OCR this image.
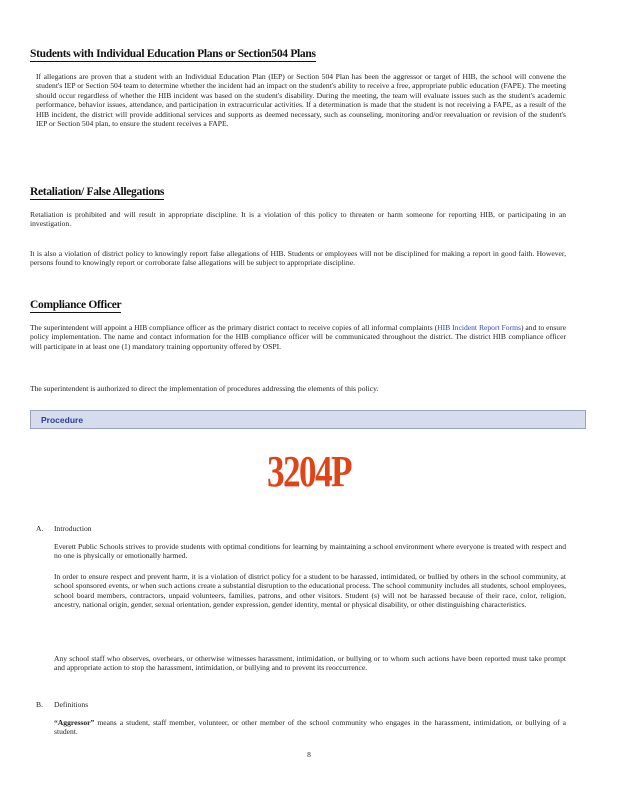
Students with Individual Education Plans or Section504 Plans

If allegations are proven that a student with an Individual Education Plan (IEP) or Section 504 Plan has been the aggressor or target of HIB, the school will convene the student's IEP or Section 504 team to determine whether the incident had an impact on the student's ability to receive a free, appropriate public education (FAPE). The meeting should occur regardless of whether the HIB incident was based on the student's disability. During the meeting, the team will evaluate issues such as the student's academic performance, behavior issues, attendance, and participation in extracurricular activities. If a determination is made that the student is not receiving a FAPE, as a result of the HIB incident, the district will provide additional services and supports as deemed necessary, such as counseling, monitoring and/or reevaluation or revision of the student's IEP or Section 504 plan, to ensure the student receives a FAPE.

Retaliation/ False Allegations

Retaliation is prohibited and will result in appropriate discipline. It is a violation of this policy to threaten or harm someone for reporting HIB, or participating in an investigation.

It is also a violation of district policy to knowingly report false allegations of HIB. Students or employees will not be disciplined for making a report in good faith. However, persons found to knowingly report or corroborate false allegations will be subject to appropriate discipline.

Compliance Officer

The superintendent will appoint a HIB compliance officer as the primary district contact to receive copies of all informal complaints (HIB Incident Report Forms) and to ensure policy implementation. The name and contact information for the HIB compliance officer will be communicated throughout the district. The district HIB compliance officer will participate in at least one (1) mandatory training opportunity offered by OSPI.

The superintendent is authorized to direct the implementation of procedures addressing the elements of this policy.

Procedure
3204P
A. Introduction

Everett Public Schools strives to provide students with optimal conditions for learning by maintaining a school environment where everyone is treated with respect and no one is physically or emotionally harmed.

In order to ensure respect and prevent harm, it is a violation of district policy for a student to be harassed, intimidated, or bullied by others in the school community, at school sponsored events, or when such actions create a substantial disruption to the educational process. The school community includes all students, school employees, school board members, contractors, unpaid volunteers, families, patrons, and other visitors. Student (s) will not be harassed because of their race, color, religion, ancestry, national origin, gender, sexual orientation, gender expression, gender identity, mental or physical disability, or other distinguishing characteristics.

Any school staff who observes, overhears, or otherwise witnesses harassment, intimidation, or bullying or to whom such actions have been reported must take prompt and appropriate action to stop the harassment, intimidation, or bullying and to prevent its reoccurrence.

B. Definitions

“Aggressor” means a student, staff member, volunteer, or other member of the school community who engages in the harassment, intimidation, or bullying of a student.

8
